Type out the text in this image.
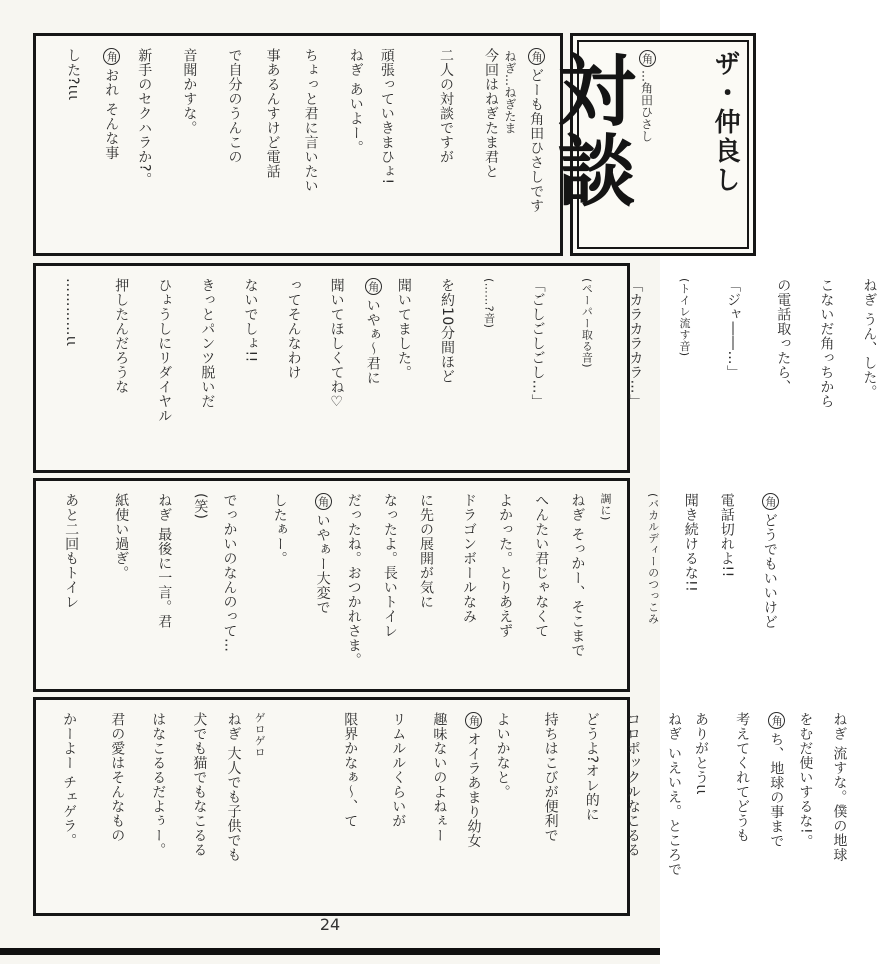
角どーも角田ひさしです
今回はねぎたま君と
二人の対談ですが
頑張っていきまひょ!
ねぎ あいよー。
ちょっと君に言いたい
事あるんすけど電話
で自分のうんこの
音聞かすな。
新手のセクハラか?。
角おれ そんな事
した?ιιι	ザ・仲良し
角…角田ひさし
対談
ねぎ…ねぎたま
ねぎ うん、した。
こないだ角っちから
の電話取ったら、
「ジャ――…」
(トイレ流す音)
「カラカラカラ…」
(ペーパー取る音)
「ごしごしごし…」
(……?音)
を約10分間ほど
聞いてました。
角いやぁ〜君に
聞いてほしくてね♡
ってそんなわけ
ないでしょ!!
きっとパンツ脱いだ
ひょうしにリダイヤル
押したんだろうな
…………ιι
角どうでもいいけど
電話切れよ!!
聞き続けるな!!
(バカルディーのつっこみ
調に)
ねぎ そっかー、そこまで
へんたい君じゃなくて
よかった。とりあえず
ドラゴンボールなみ
に先の展開が気に
なったよ。長いトイレ
だったね。おつかれさま。
角いやぁー大変で
したぁー。
でっかいのなんのって…
(笑)
ねぎ 最後に一言。君
紙使い過ぎ。
あと二回もトイレ
ねぎ 流すな。僕の地球
をむだ使いするな!。
角ち、地球の事まで
考えてくれてどうも
ありがとうιι
ねぎ いえいえ。ところで
コロポックルなこるる
どうよ?オレ的に
持ちはこびが便利で
よいかなと。
角オイラあまり幼女
趣味ないのよねぇー
リムルルくらいが
限界かなぁ〜、て
ゲロゲロ
ねぎ 大人でも子供でも
犬でも猫でもなこるる
はなこるるだよぅー。
君の愛はそんなもの
かーよー チェゲラ。
24
